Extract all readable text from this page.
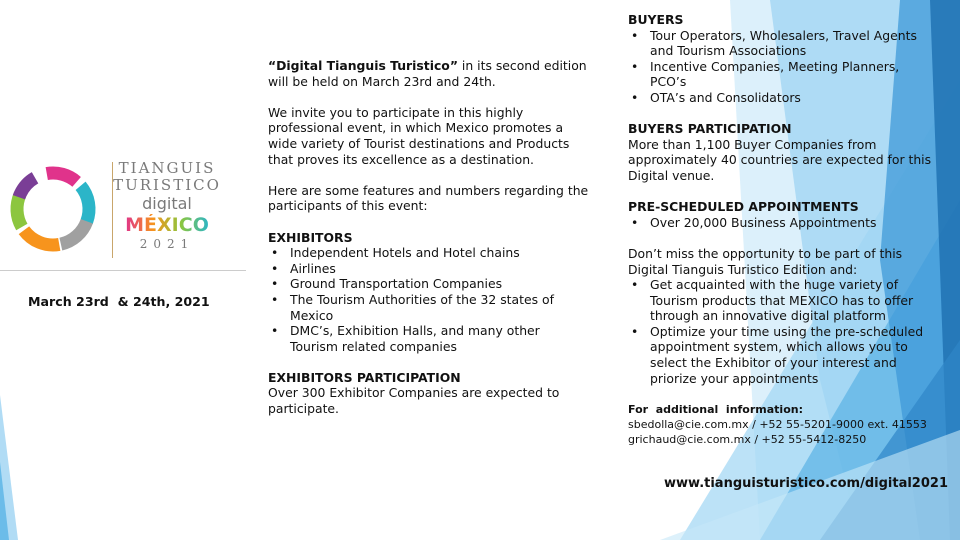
TIANGUIS
TURISTICO
digital
MÉXICO
2021
March 23rd  & 24th, 2021

“Digital Tianguis Turistico” in its second edition will be held on March 23rd and 24th.

We invite you to participate in this highly professional event, in which Mexico promotes a wide variety of Tourist destinations and Products that proves its excellence as a destination.

Here are some features and numbers regarding the participants of this event:

EXHIBITORS

• Independent Hotels and Hotel chains
• Airlines
• Ground Transportation Companies
• The Tourism Authorities of the 32 states of Mexico
• DMC’s, Exhibition Halls, and many other Tourism related companies

EXHIBITORS PARTICIPATION

Over 300 Exhibitor Companies are expected to participate.

BUYERS

• Tour Operators, Wholesalers, Travel Agents and Tourism Associations
• Incentive Companies, Meeting Planners, PCO’s
• OTA’s and Consolidators

BUYERS PARTICIPATION

More than 1,100 Buyer Companies from approximately 40 countries are expected for this Digital venue.

PRE-SCHEDULED APPOINTMENTS

• Over 20,000 Business Appointments

Don’t miss the opportunity to be part of this Digital Tianguis Turistico Edition and:

• Get acquainted with the huge variety of Tourism products that MEXICO has to offer through an innovative digital platform
• Optimize your time using the pre-scheduled appointment system, which allows you to select the Exhibitor of your interest and priorize your appointments

For  additional  information:

sbedolla@cie.com.mx / +52 55-5201-9000 ext. 41553

grichaud@cie.com.mx / +52 55-5412-8250

www.tianguisturistico.com/digital2021
